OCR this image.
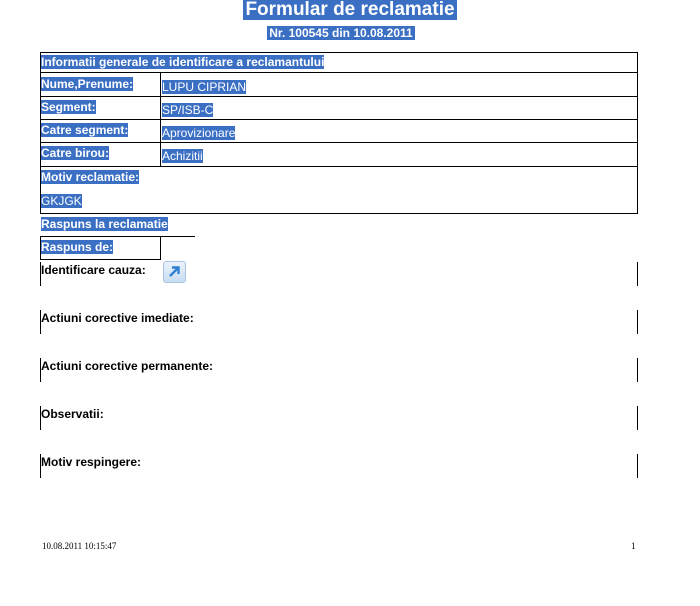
Formular de reclamatie
Nr. 100545 din 10.08.2011
Informatii generale de identificare a reclamantului
Nume,Prenume: LUPU CIPRIAN
Segment:	SP/ISB-C
Catre segment:	Aprovizionare
Catre birou:	Achizitii
Motiv reclamatie:
GKJGK
Raspuns la reclamatie
Raspuns de:
Identificare cauza:
Actiuni corective imediate:
Actiuni corective permanente:
Observatii:
Motiv respingere:
10.08.2011 10:15:47	1
